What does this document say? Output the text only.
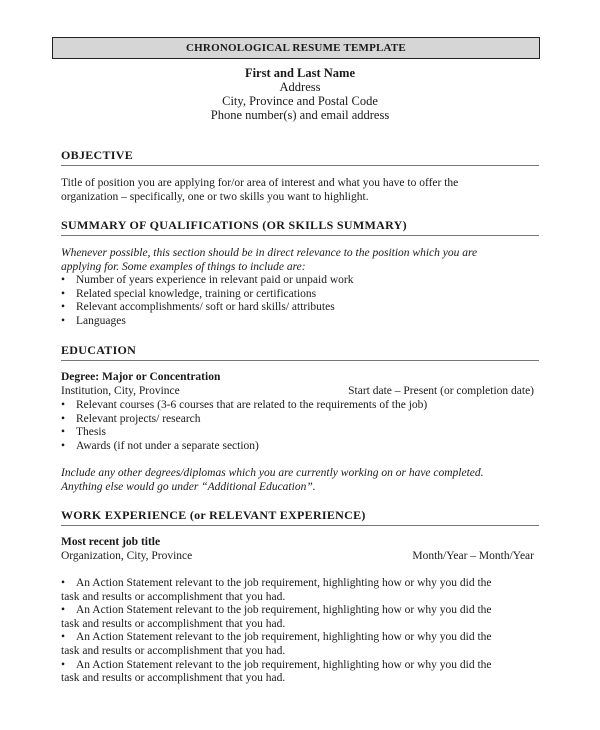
CHRONOLOGICAL RESUME TEMPLATE
First and Last Name
Address
City, Province and Postal Code
Phone number(s) and email address
OBJECTIVE
Title of position you are applying for/or area of interest and what you have to offer the
organization – specifically, one or two skills you want to highlight.
SUMMARY OF QUALIFICATIONS (OR SKILLS SUMMARY)
Whenever possible, this section should be in direct relevance to the position which you are
applying for. Some examples of things to include are:
• Number of years experience in relevant paid or unpaid work
• Related special knowledge, training or certifications
• Relevant accomplishments/ soft or hard skills/ attributes
• Languages
EDUCATION
Degree: Major or Concentration
Institution, City, Province	Start date – Present (or completion date)
• Relevant courses (3-6 courses that are related to the requirements of the job)
• Relevant projects/ research
• Thesis
• Awards (if not under a separate section)
Include any other degrees/diplomas which you are currently working on or have completed.
Anything else would go under “Additional Education”.
WORK EXPERIENCE (or RELEVANT EXPERIENCE)
Most recent job title
Organization, City, Province	Month/Year – Month/Year
• An Action Statement relevant to the job requirement, highlighting how or why you did the
task and results or accomplishment that you had.
• An Action Statement relevant to the job requirement, highlighting how or why you did the
task and results or accomplishment that you had.
• An Action Statement relevant to the job requirement, highlighting how or why you did the
task and results or accomplishment that you had.
• An Action Statement relevant to the job requirement, highlighting how or why you did the
task and results or accomplishment that you had.
